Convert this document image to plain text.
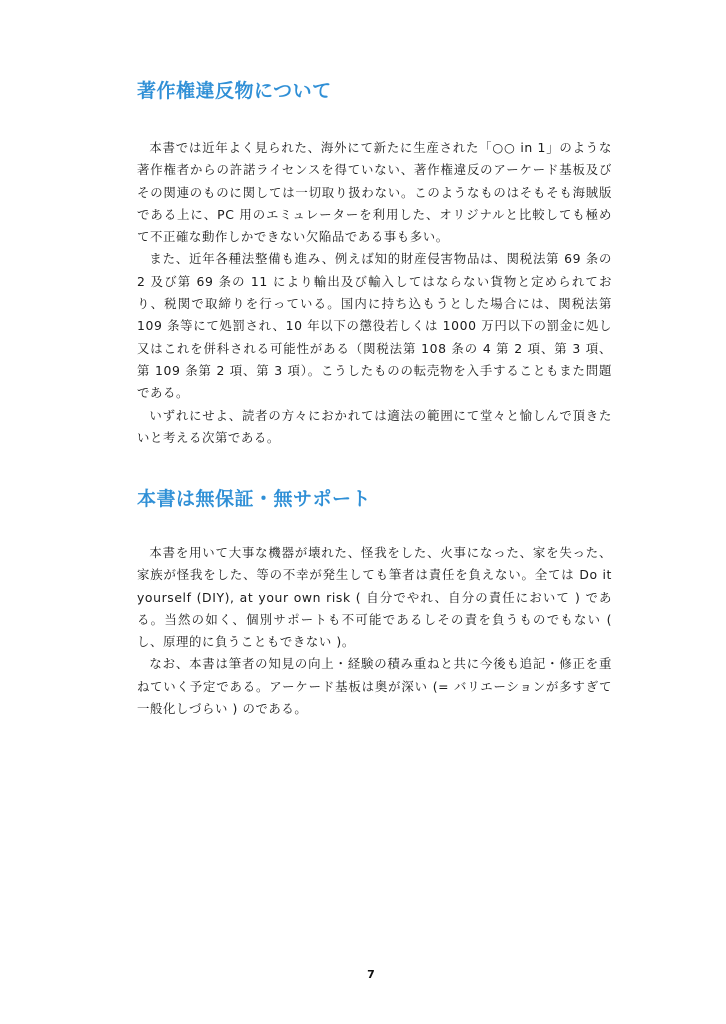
著作権違反物について

本書では近年よく見られた、海外にて新たに生産された「○○ in 1」のような著作権者からの許諾ライセンスを得ていない、著作権違反のアーケード基板及びその関連のものに関しては一切取り扱わない。このようなものはそもそも海賊版である上に、PC 用のエミュレーターを利用した、オリジナルと比較しても極めて不正確な動作しかできない欠陥品である事も多い。

また、近年各種法整備も進み、例えば知的財産侵害物品は、関税法第 69 条の 2 及び第 69 条の 11 により輸出及び輸入してはならない貨物と定められており、税関で取締りを行っている。国内に持ち込もうとした場合には、関税法第 109 条等にて処罰され、10 年以下の懲役若しくは 1000 万円以下の罰金に処し又はこれを併科される可能性がある（関税法第 108 条の 4 第 2 項、第 3 項、第 109 条第 2 項、第 3 項）。こうしたものの転売物を入手することもまた問題である。

いずれにせよ、読者の方々におかれては適法の範囲にて堂々と愉しんで頂きたいと考える次第である。

本書は無保証・無サポート

本書を用いて大事な機器が壊れた、怪我をした、火事になった、家を失った、家族が怪我をした、等の不幸が発生しても筆者は責任を負えない。全ては Do it yourself (DIY), at your own risk ( 自分でやれ、自分の責任において ) である。当然の如く、個別サポートも不可能であるしその責を負うものでもない ( し、原理的に負うこともできない )。

なお、本書は筆者の知見の向上・経験の積み重ねと共に今後も追記・修正を重ねていく予定である。アーケード基板は奥が深い (= バリエーションが多すぎて一般化しづらい ) のである。

7
